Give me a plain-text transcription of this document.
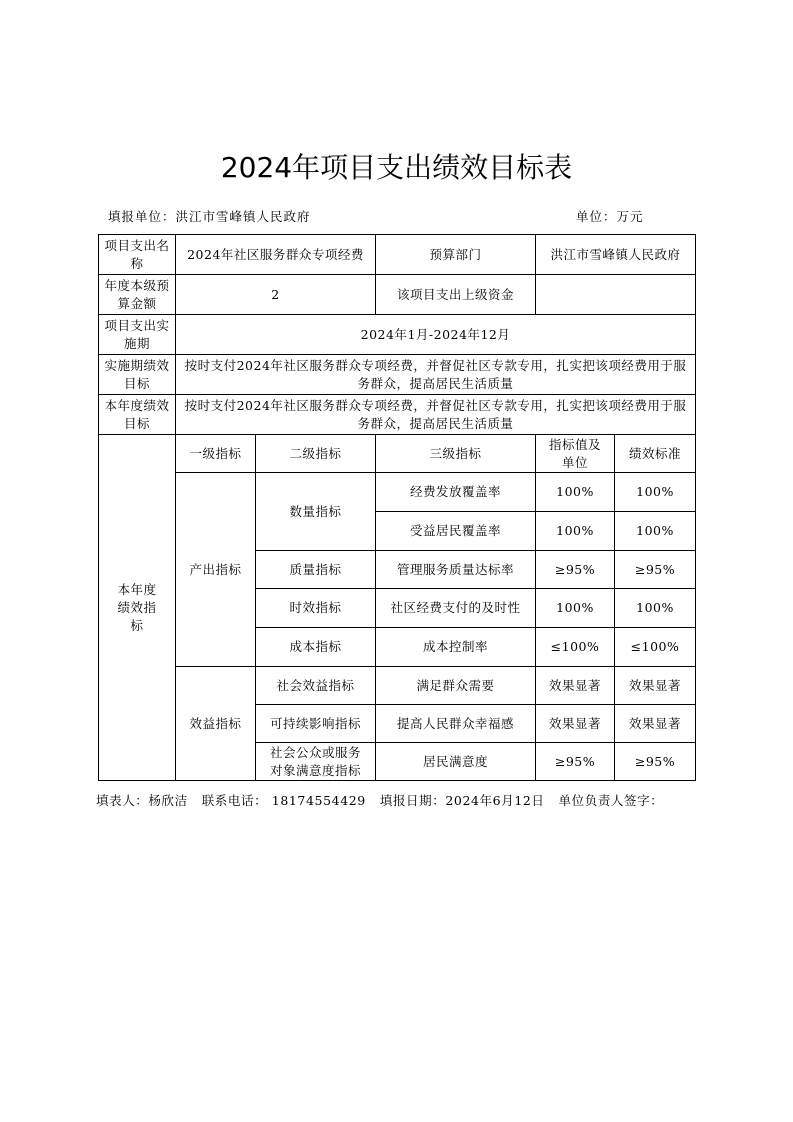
2024年项目支出绩效目标表
填报单位：洪江市雪峰镇人民政府	单位：万元
项目支出名称	2024年社区服务群众专项经费		预算部门	洪江市雪峰镇人民政府	
年度本级预算金额	2		该项目支出上级资金		
项目支出实施期	2024年1月-2024年12月				
实施期绩效目标	按时支付2024年社区服务群众专项经费，并督促社区专款专用，扎实把该项经费用于服务群众，提高居民生活质量				
本年度绩效目标	按时支付2024年社区服务群众专项经费，并督促社区专款专用，扎实把该项经费用于服务群众，提高居民生活质量				
本年度绩效指标	一级指标	二级指标	三级指标	指标值及单位	绩效标准
	产出指标	数量指标	经费发放覆盖率	100%	100%
			受益居民覆盖率	100%	100%
		质量指标	管理服务质量达标率	≥95%	≥95%
		时效指标	社区经费支付的及时性	100%	100%
		成本指标	成本控制率	≤100%	≤100%
	效益指标	社会效益指标	满足群众需要	效果显著	效果显著
		可持续影响指标	提高人民群众幸福感	效果显著	效果显著
		社会公众或服务对象满意度指标	居民满意度	≥95%	≥95%
填表人：杨欣洁 联系电话： 18174554429 填报日期：2024年6月12日 单位负责人签字：
